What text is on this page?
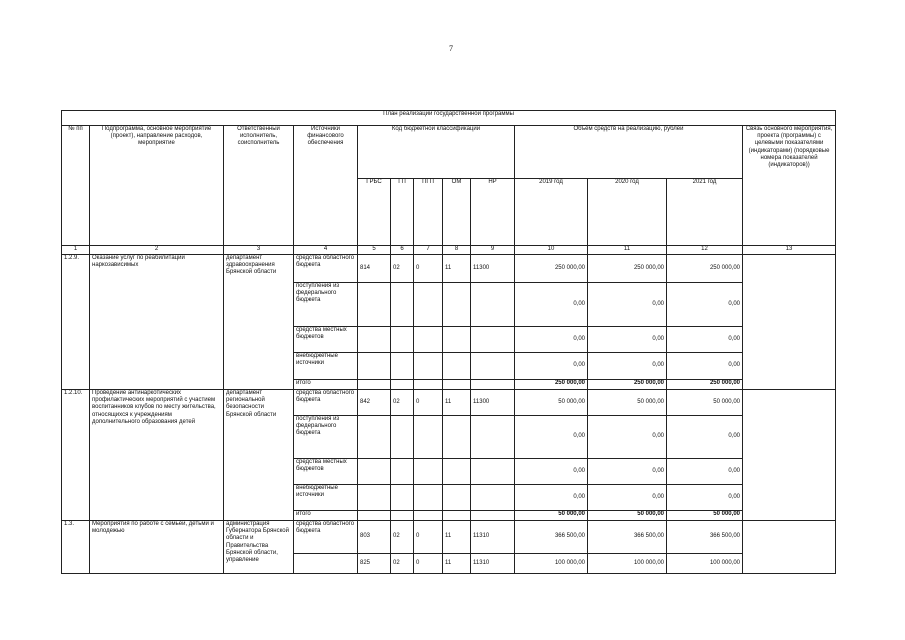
7
План реализации государственной программы												
№ пп	Подпрограмма, основное мероприятие (проект), направление расходов, мероприятие	Ответственный исполнитель, соисполнитель	Источники финансового обеспечения	Код бюджетной классификации					Объём средств на реализацию, рублей			Связь основного мероприятия, проекта (программы) с целевыми показателями (индикаторами) (порядковые номера показателей (индикаторов))
				ГРБС	ГП	ПГП	ОМ	НР	2019 год	2020 год	2021 год	
1	2	3	4	5	6	7	8	9	10	11	12	13
1.2.9.	Оказание услуг по реабилитации наркозависимых	департамент здравоохранения Брянской области	средства областного бюджета	814	02	0	11	11300	250 000,00	250 000,00	250 000,00	
			поступления из федерального бюджета						0,00	0,00	0,00	
			средства местных бюджетов						0,00	0,00	0,00	
			внебюджетные источники						0,00	0,00	0,00	
			итого						250 000,00	250 000,00	250 000,00	
1.2.10.	Проведение антинаркотических профилактических мероприятий с участием воспитанников клубов по месту жительства, относящихся к учреждениям дополнительного образования детей	департамент региональной безопасности Брянской области	средства областного бюджета	842	02	0	11	11300	50 000,00	50 000,00	50 000,00	
			поступления из федерального бюджета						0,00	0,00	0,00	
			средства местных бюджетов						0,00	0,00	0,00	
			внебюджетные источники						0,00	0,00	0,00	
			итого						50 000,00	50 000,00	50 000,00	
1.3.	Мероприятия по работе с семьей, детьми и молодежью	администрация Губернатора Брянской области и Правительства Брянской области, управление	средства областного бюджета	803	02	0	11	11310	366 500,00	366 500,00	366 500,00	
				825	02	0	11	11310	100 000,00	100 000,00	100 000,00	
